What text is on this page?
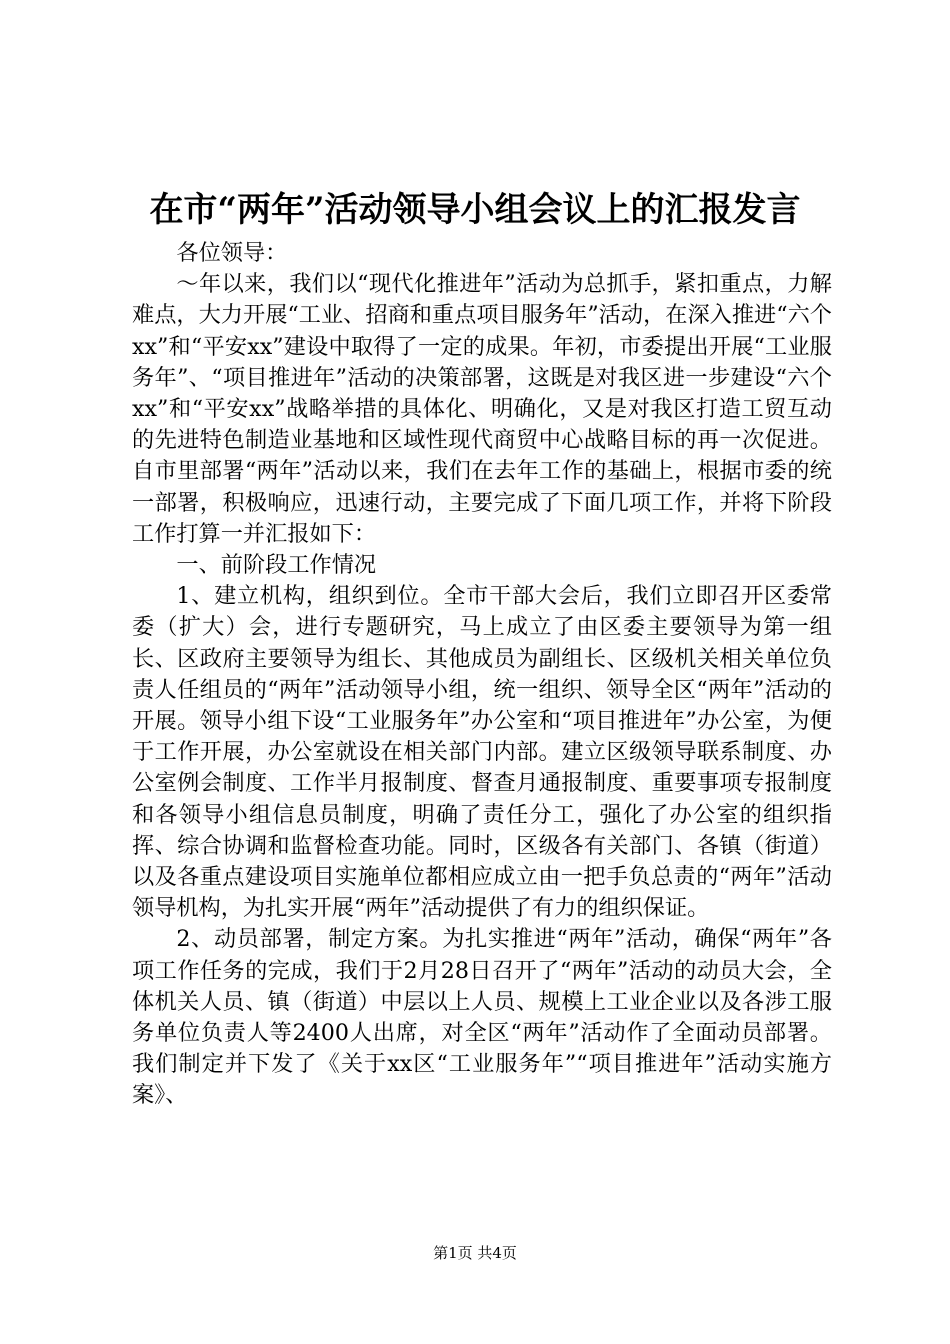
在市“两年”活动领导小组会议上的汇报发言

各位领导：

～年以来，我们以“现代化推进年”活动为总抓手，紧扣重点，力解难点，大力开展“工业、招商和重点项目服务年”活动，在深入推进“六个xx”和“平安xx”建设中取得了一定的成果。年初，市委提出开展“工业服务年”、“项目推进年”活动的决策部署，这既是对我区进一步建设“六个xx”和“平安xx”战略举措的具体化、明确化，又是对我区打造工贸互动的先进特色制造业基地和区域性现代商贸中心战略目标的再一次促进。自市里部署“两年”活动以来，我们在去年工作的基础上，根据市委的统一部署，积极响应，迅速行动，主要完成了下面几项工作，并将下阶段工作打算一并汇报如下：

一、前阶段工作情况

1、建立机构，组织到位。全市干部大会后，我们立即召开区委常委（扩大）会，进行专题研究，马上成立了由区委主要领导为第一组长、区政府主要领导为组长、其他成员为副组长、区级机关相关单位负责人任组员的“两年”活动领导小组，统一组织、领导全区“两年”活动的开展。领导小组下设“工业服务年”办公室和“项目推进年”办公室，为便于工作开展，办公室就设在相关部门内部。建立区级领导联系制度、办公室例会制度、工作半月报制度、督查月通报制度、重要事项专报制度和各领导小组信息员制度，明确了责任分工，强化了办公室的组织指挥、综合协调和监督检查功能。同时，区级各有关部门、各镇（街道）以及各重点建设项目实施单位都相应成立由一把手负总责的“两年”活动领导机构，为扎实开展“两年”活动提供了有力的组织保证。

2、动员部署，制定方案。为扎实推进“两年”活动，确保“两年”各项工作任务的完成，我们于2月28日召开了“两年”活动的动员大会，全体机关人员、镇（街道）中层以上人员、规模上工业企业以及各涉工服务单位负责人等2400人出席，对全区“两年”活动作了全面动员部署。我们制定并下发了《关于xx区“工业服务年”“项目推进年”活动实施方案》、

第1页 共4页
